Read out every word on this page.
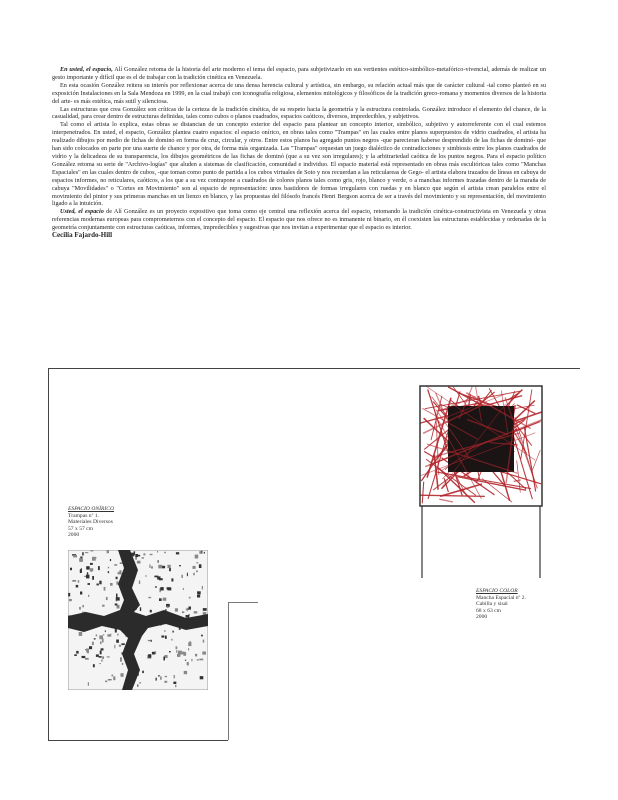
En usted, el espacio, Alí González retoma de la historia del arte moderno el tema del espacio, para subjetivizarlo en sus vertientes estético-simbólico-metafórico-vivencial, además de realizar un gesto importante y difícil que es el de trabajar con la tradición cinética en Venezuela.

En esta ocasión González reitera su interés por reflexionar acerca de una densa herencia cultural y artística, sin embargo, su relación actual más que de carácter cultural -tal como planteó en su exposición Instalaciones en la Sala Mendoza en 1999, en la cual trabajó con iconografía religiosa, elementos mitológicos y filosóficos de la tradición greco-romana y momentos diversos de la historia del arte- es más estética, más sutil y silenciosa.

Las estructuras que crea González son críticas de la certeza de la tradición cinética, de su respeto hacia la geometría y la estructura controlada. González introduce el elemento del chance, de la casualidad, para crear dentro de estructuras definidas, tales como cubos o planos cuadrados, espacios caóticos, diversos, impredecibles, y subjetivos.

Tal como el artista lo explica, estas obras se distancian de un concepto exterior del espacio para plantear un concepto interior, simbólico, subjetivo y autorreferente con el cual estemos interpenetrados. En usted, el espacio, González plantea cuatro espacios: el espacio onírico, en obras tales como "Trampas" en las cuales entre planos superpuestos de vidrio cuadrados, el artista ha realizado dibujos por medio de fichas de dominó en forma de cruz, circular, y otros. Entre estos planos ha agregado puntos negros -que parecieran haberse desprendido de las fichas de dominó- que han sido colocados en parte por una suerte de chance y por otra, de forma más organizada. Las "Trampas" orquestan un juego dialéctico de contradicciones y simbiosis entre los planos cuadrados de vidrio y la delicadeza de su transparencia, los dibujos geométricos de las fichas de dominó (que a su vez son irregulares); y la arbitrariedad caótica de los puntos negros. Para el espacio político González retoma su serie de "Archivo-logías" que aluden a sistemas de clasificación, comunidad e individuo. El espacio material está representado en obras más escultóricas tales como "Manchas Espaciales" en las cuales dentro de cubos, -que toman como punto de partida a los cubos virtuales de Soto y nos recuerdan a las reticulareas de Gego- el artista elabora trazados de líneas en cabuya de espacios informes, no reticulares, caóticos, a los que a su vez contrapone a cuadrados de colores planos tales como gris, rojo, blanco y verde, o a manchas informes trazadas dentro de la maraña de cabuya "Movilidades" o "Cortes en Movimiento" son al espacio de representación: unos bastidores de formas irregulares con ruedas y en blanco que según el artista crean paralelos entre el movimiento del pintor y sus primeras manchas en un lienzo en blanco, y las propuestas del filósofo francés Henri Bergson acerca de ser a través del movimiento y su representación, del movimiento ligado a la intuición.

Usted, el espacio de Alí González es un proyecto expositivo que toma como eje central una reflexión acerca del espacio, retomando la tradición cinética-constructivista en Venezuela y otras referencias modernas europeas para comprometernos con el concepto del espacio. El espacio que nos ofrece no es inmanente ni binario, en él coexisten las estructuras establecidas y ordenadas de la geometría conjuntamente con estructuras caóticas, informes, impredecibles y sugestivas que nos invitan a experimentar que el espacio es interior.

Cecilia Fajardo-Hill

ESPACIO ONÍRICO
Trampas nº 1.
Materiales Diversos
57 x 57 cm
2000
ESPACIO COLOR
Mancha Espacial nº 2.
Cabilla y sisal
68 x 63 cm
2000
